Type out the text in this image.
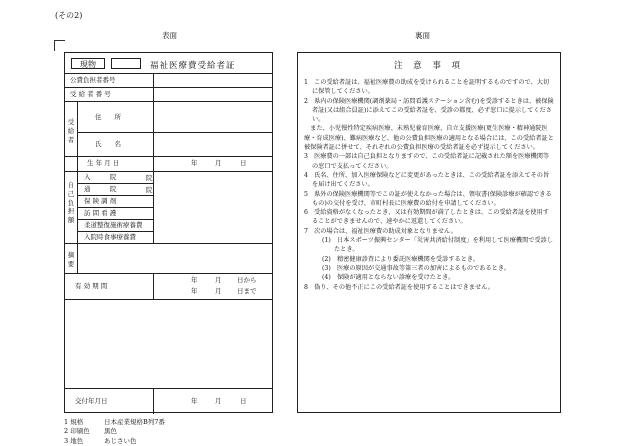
(その2)
表面	裏面
現物	福祉医療費受給者証
公費負担者番号
受 給 者 番 号
受給者
住　　所
氏　　名
生 年 月 日	年	月	日
自己負担額
入　　　院
通　　　院
保 険 調 剤
訪 問 看 護
柔道整復施術療養費
入院時食事療養費
摘要
有 効 期 間
年	月 日から
年	月 日まで
交付年月日	年	月	日
注 意 事 項

1　この受給者証は、福祉医療費の助成を受けられることを証明するものですので、大切に保管してください。

2　県内の保険医療機関(調剤薬局・訪問看護ステーション含む)を受診するときは、被保険者証(又は組合員証)に添えてこの受給者証を、受診の都度、必ず窓口に提示してください。

　また、小児慢性特定疾病医療、未熟児養育医療、自立支援医療(更生医療・精神通院医療・育成医療)、難病医療など、他の公費負担医療の適用となる場合には、この受給者証と被保険者証に併せて、それぞれの公費負担医療の受給者証を必ず提示してください。

3　医療費の一部は自己負担となりますので、この受給者証に記載された額を医療機関等の窓口で支払ってください。

4　氏名、住所、加入医療保険などに変更があったときは、この受給者証を添えてその旨を届け出てください。

5　県外の保険医療機関等でこの証が使えなかった場合は、領収書(保険診療が確認できるもの)の交付を受け、市町村長に医療費の給付を申請してください。

6　受給資格がなくなったとき、又は有効期間が満了したときは、この受給者証を使用することができませんので、速やかに返還してください。

7　次の場合は、福祉医療費の助成対象となりません。

(1)　日本スポーツ振興センター「災害共済給付制度」を利用して医療機関で受診したとき。

(2)　精密健康診査により委託医療機関を受診するとき。

(3)　医療の原因が交通事故等第三者の加害によるものであるとき。

(4)　保険が適用とならない診療を受けたとき。

8　偽り、その他不正にこの受給者証を使用することはできません。

1 規格	日本産業規格B列7番
2 印刷色 黒色
3 地色	あじさい色
院
院
